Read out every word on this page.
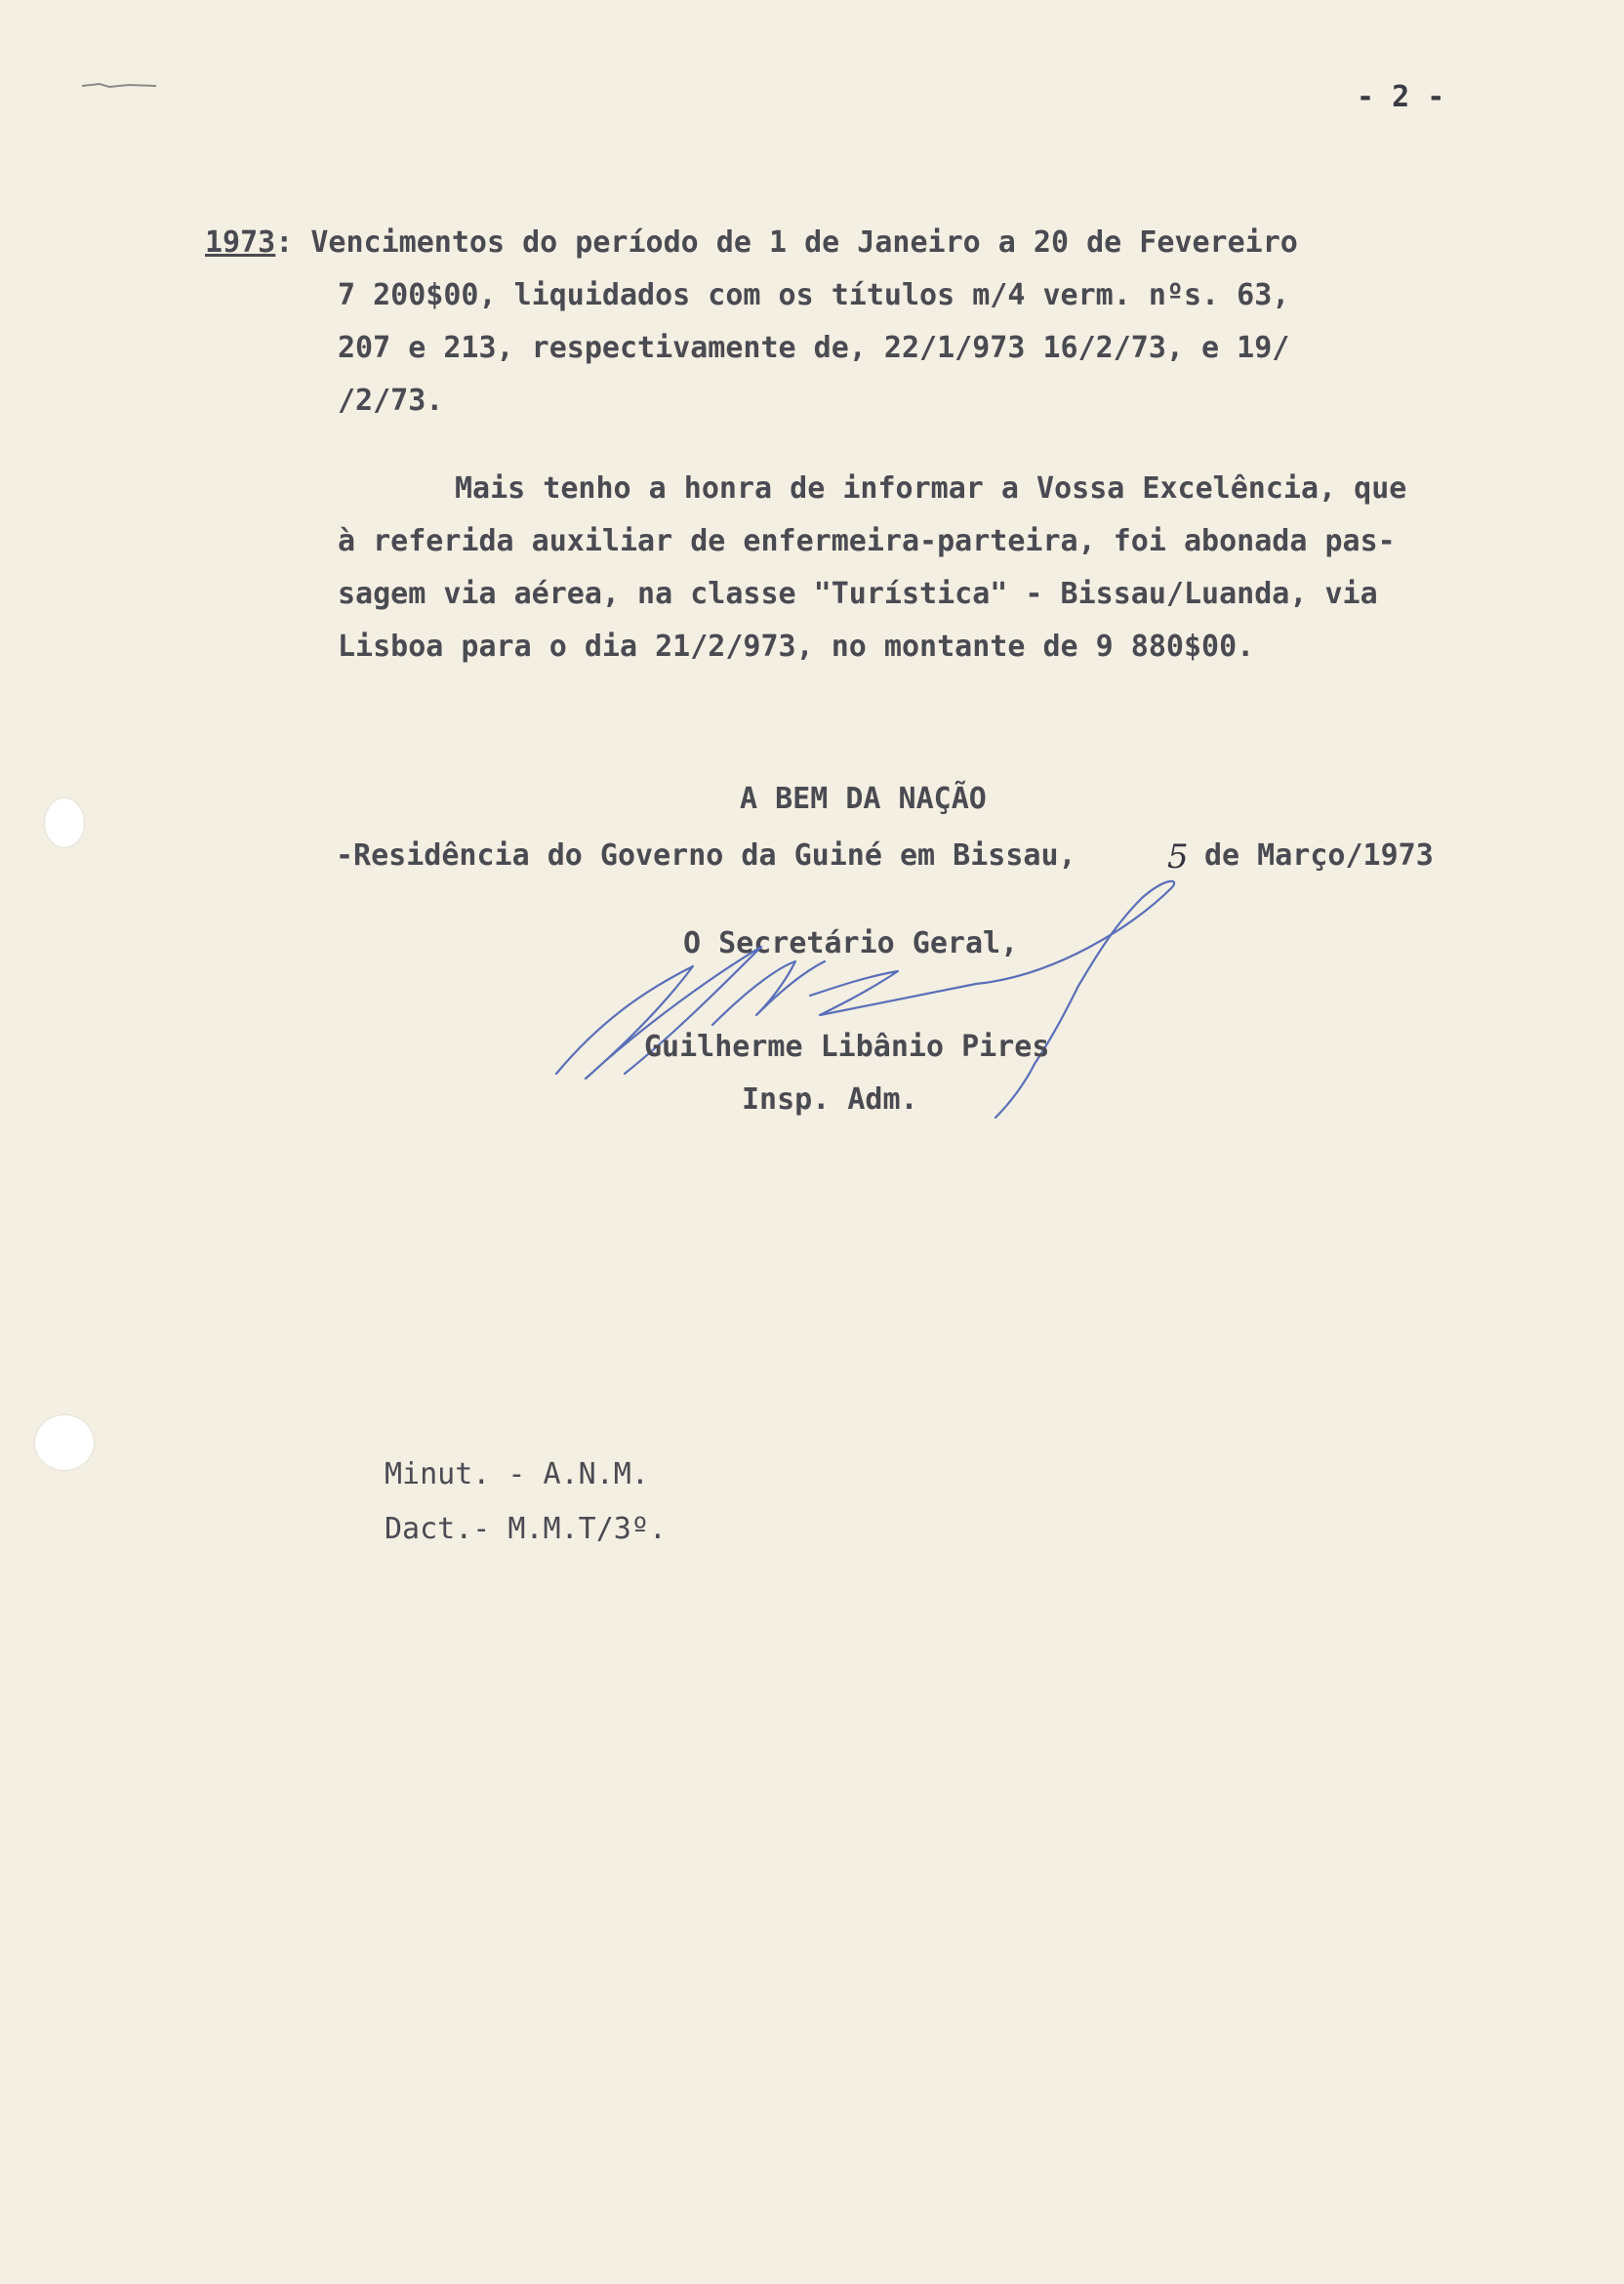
- 2 -
1973: Vencimentos do período de 1 de Janeiro a 20 de Fevereiro
7 200$00, liquidados com os títulos m/4 verm. nºs. 63,
207 e 213, respectivamente de, 22/1/973 16/2/73, e 19/
/2/73.
Mais tenho a honra de informar a Vossa Excelência, que
à referida auxiliar de enfermeira-parteira, foi abonada pas-
sagem via aérea, na classe "Turística" - Bissau/Luanda, via
Lisboa para o dia 21/2/973, no montante de 9 880$00.
A BEM DA NAÇÃO
-Residência do Governo da Guiné em Bissau,	5 de Março/1973
O Secretário Geral,
Guilherme Libânio Pires
Insp. Adm.
Minut. - A.N.M.
Dact.- M.M.T/3º.
